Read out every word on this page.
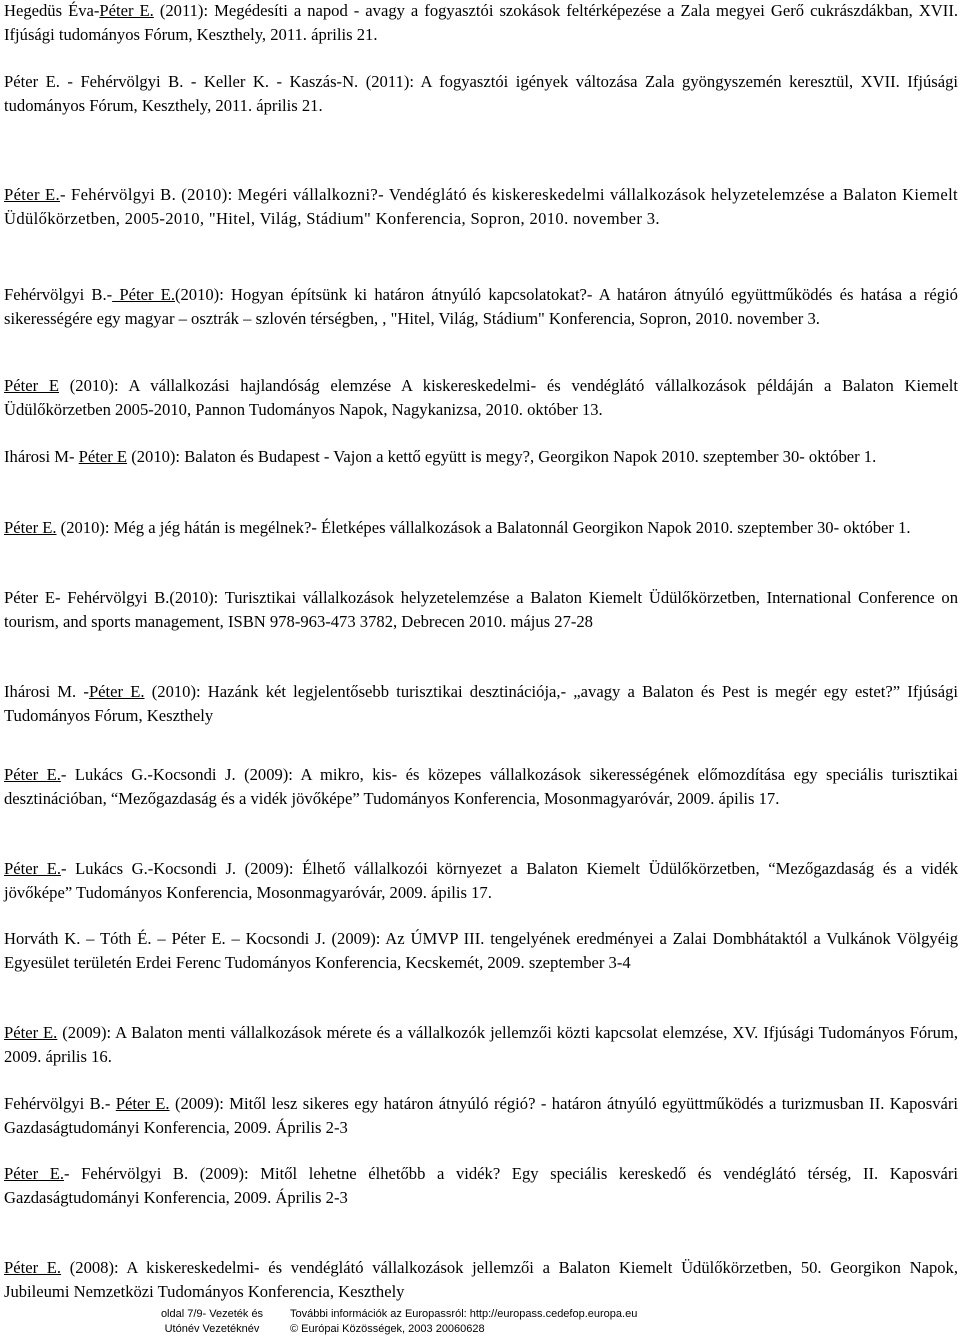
Hegedüs Éva-Péter E. (2011): Megédesíti a napod - avagy a fogyasztói szokások feltérképezése a Zala megyei Gerő cukrászdákban, XVII. Ifjúsági tudományos Fórum, Keszthely, 2011. április 21.

Péter E. - Fehérvölgyi B. - Keller K. - Kaszás-N. (2011): A fogyasztói igények változása Zala gyöngyszemén keresztül, XVII. Ifjúsági tudományos Fórum, Keszthely, 2011. április 21.

Péter E.- Fehérvölgyi B. (2010): Megéri vállalkozni?- Vendéglátó és kiskereskedelmi vállalkozások helyzetelemzése a Balaton Kiemelt Üdülőkörzetben, 2005-2010, "Hitel, Világ, Stádium" Konferencia, Sopron, 2010. november 3.

Fehérvölgyi B.- Péter E.(2010): Hogyan építsünk ki határon átnyúló kapcsolatokat?- A határon átnyúló együttműködés és hatása a régió sikerességére egy magyar – osztrák – szlovén térségben, , "Hitel, Világ, Stádium" Konferencia, Sopron, 2010. november 3.

Péter E (2010): A vállalkozási hajlandóság elemzése A kiskereskedelmi- és vendéglátó vállalkozások példáján a Balaton Kiemelt Üdülőkörzetben 2005-2010, Pannon Tudományos Napok, Nagykanizsa, 2010. október 13.

Ihárosi M- Péter E (2010): Balaton és Budapest - Vajon a kettő együtt is megy?, Georgikon Napok 2010. szeptember 30- október 1.

Péter E. (2010): Még a jég hátán is megélnek?- Életképes vállalkozások a Balatonnál Georgikon Napok 2010. szeptember 30- október 1.

Péter E- Fehérvölgyi B.(2010): Turisztikai vállalkozások helyzetelemzése a Balaton Kiemelt Üdülőkörzetben, International Conference on tourism, and sports management, ISBN 978-963-473 3782, Debrecen 2010. május 27-28

Ihárosi M. -Péter E. (2010): Hazánk két legjelentősebb turisztikai desztinációja,- „avagy a Balaton és Pest is megér egy estet?” Ifjúsági Tudományos Fórum, Keszthely

Péter E.- Lukács G.-Kocsondi J. (2009): A mikro, kis- és közepes vállalkozások sikerességének előmozdítása egy speciális turisztikai desztinációban, “Mezőgazdaság és a vidék jövőképe” Tudományos Konferencia, Mosonmagyaróvár, 2009. ápilis 17.

Péter E.- Lukács G.-Kocsondi J. (2009): Élhető vállalkozói környezet a Balaton Kiemelt Üdülőkörzetben, “Mezőgazdaság és a vidék jövőképe” Tudományos Konferencia, Mosonmagyaróvár, 2009. ápilis 17.

Horváth K. – Tóth É. – Péter E. – Kocsondi J. (2009): Az ÚMVP III. tengelyének eredményei a Zalai Dombhátaktól a Vulkánok Völgyéig Egyesület területén Erdei Ferenc Tudományos Konferencia, Kecskemét, 2009. szeptember 3-4

Péter E. (2009): A Balaton menti vállalkozások mérete és a vállalkozók jellemzői közti kapcsolat elemzése, XV. Ifjúsági Tudományos Fórum, 2009. április 16.

Fehérvölgyi B.- Péter E. (2009): Mitől lesz sikeres egy határon átnyúló régió? - határon átnyúló együttműködés a turizmusban II. Kaposvári Gazdaságtudományi Konferencia, 2009. Április 2-3

Péter E.- Fehérvölgyi B. (2009): Mitől lehetne élhetőbb a vidék? Egy speciális kereskedő és vendéglátó térség, II. Kaposvári Gazdaságtudományi Konferencia, 2009. Április 2-3

Péter E. (2008): A kiskereskedelmi- és vendéglátó vállalkozások jellemzői a Balaton Kiemelt Üdülőkörzetben, 50. Georgikon Napok, Jubileumi Nemzetközi Tudományos Konferencia, Keszthely

oldal 7/9- Vezeték és
Utónév Vezetéknév
További információk az Europassról: http://europass.cedefop.europa.eu
© Európai Közösségek, 2003 20060628
